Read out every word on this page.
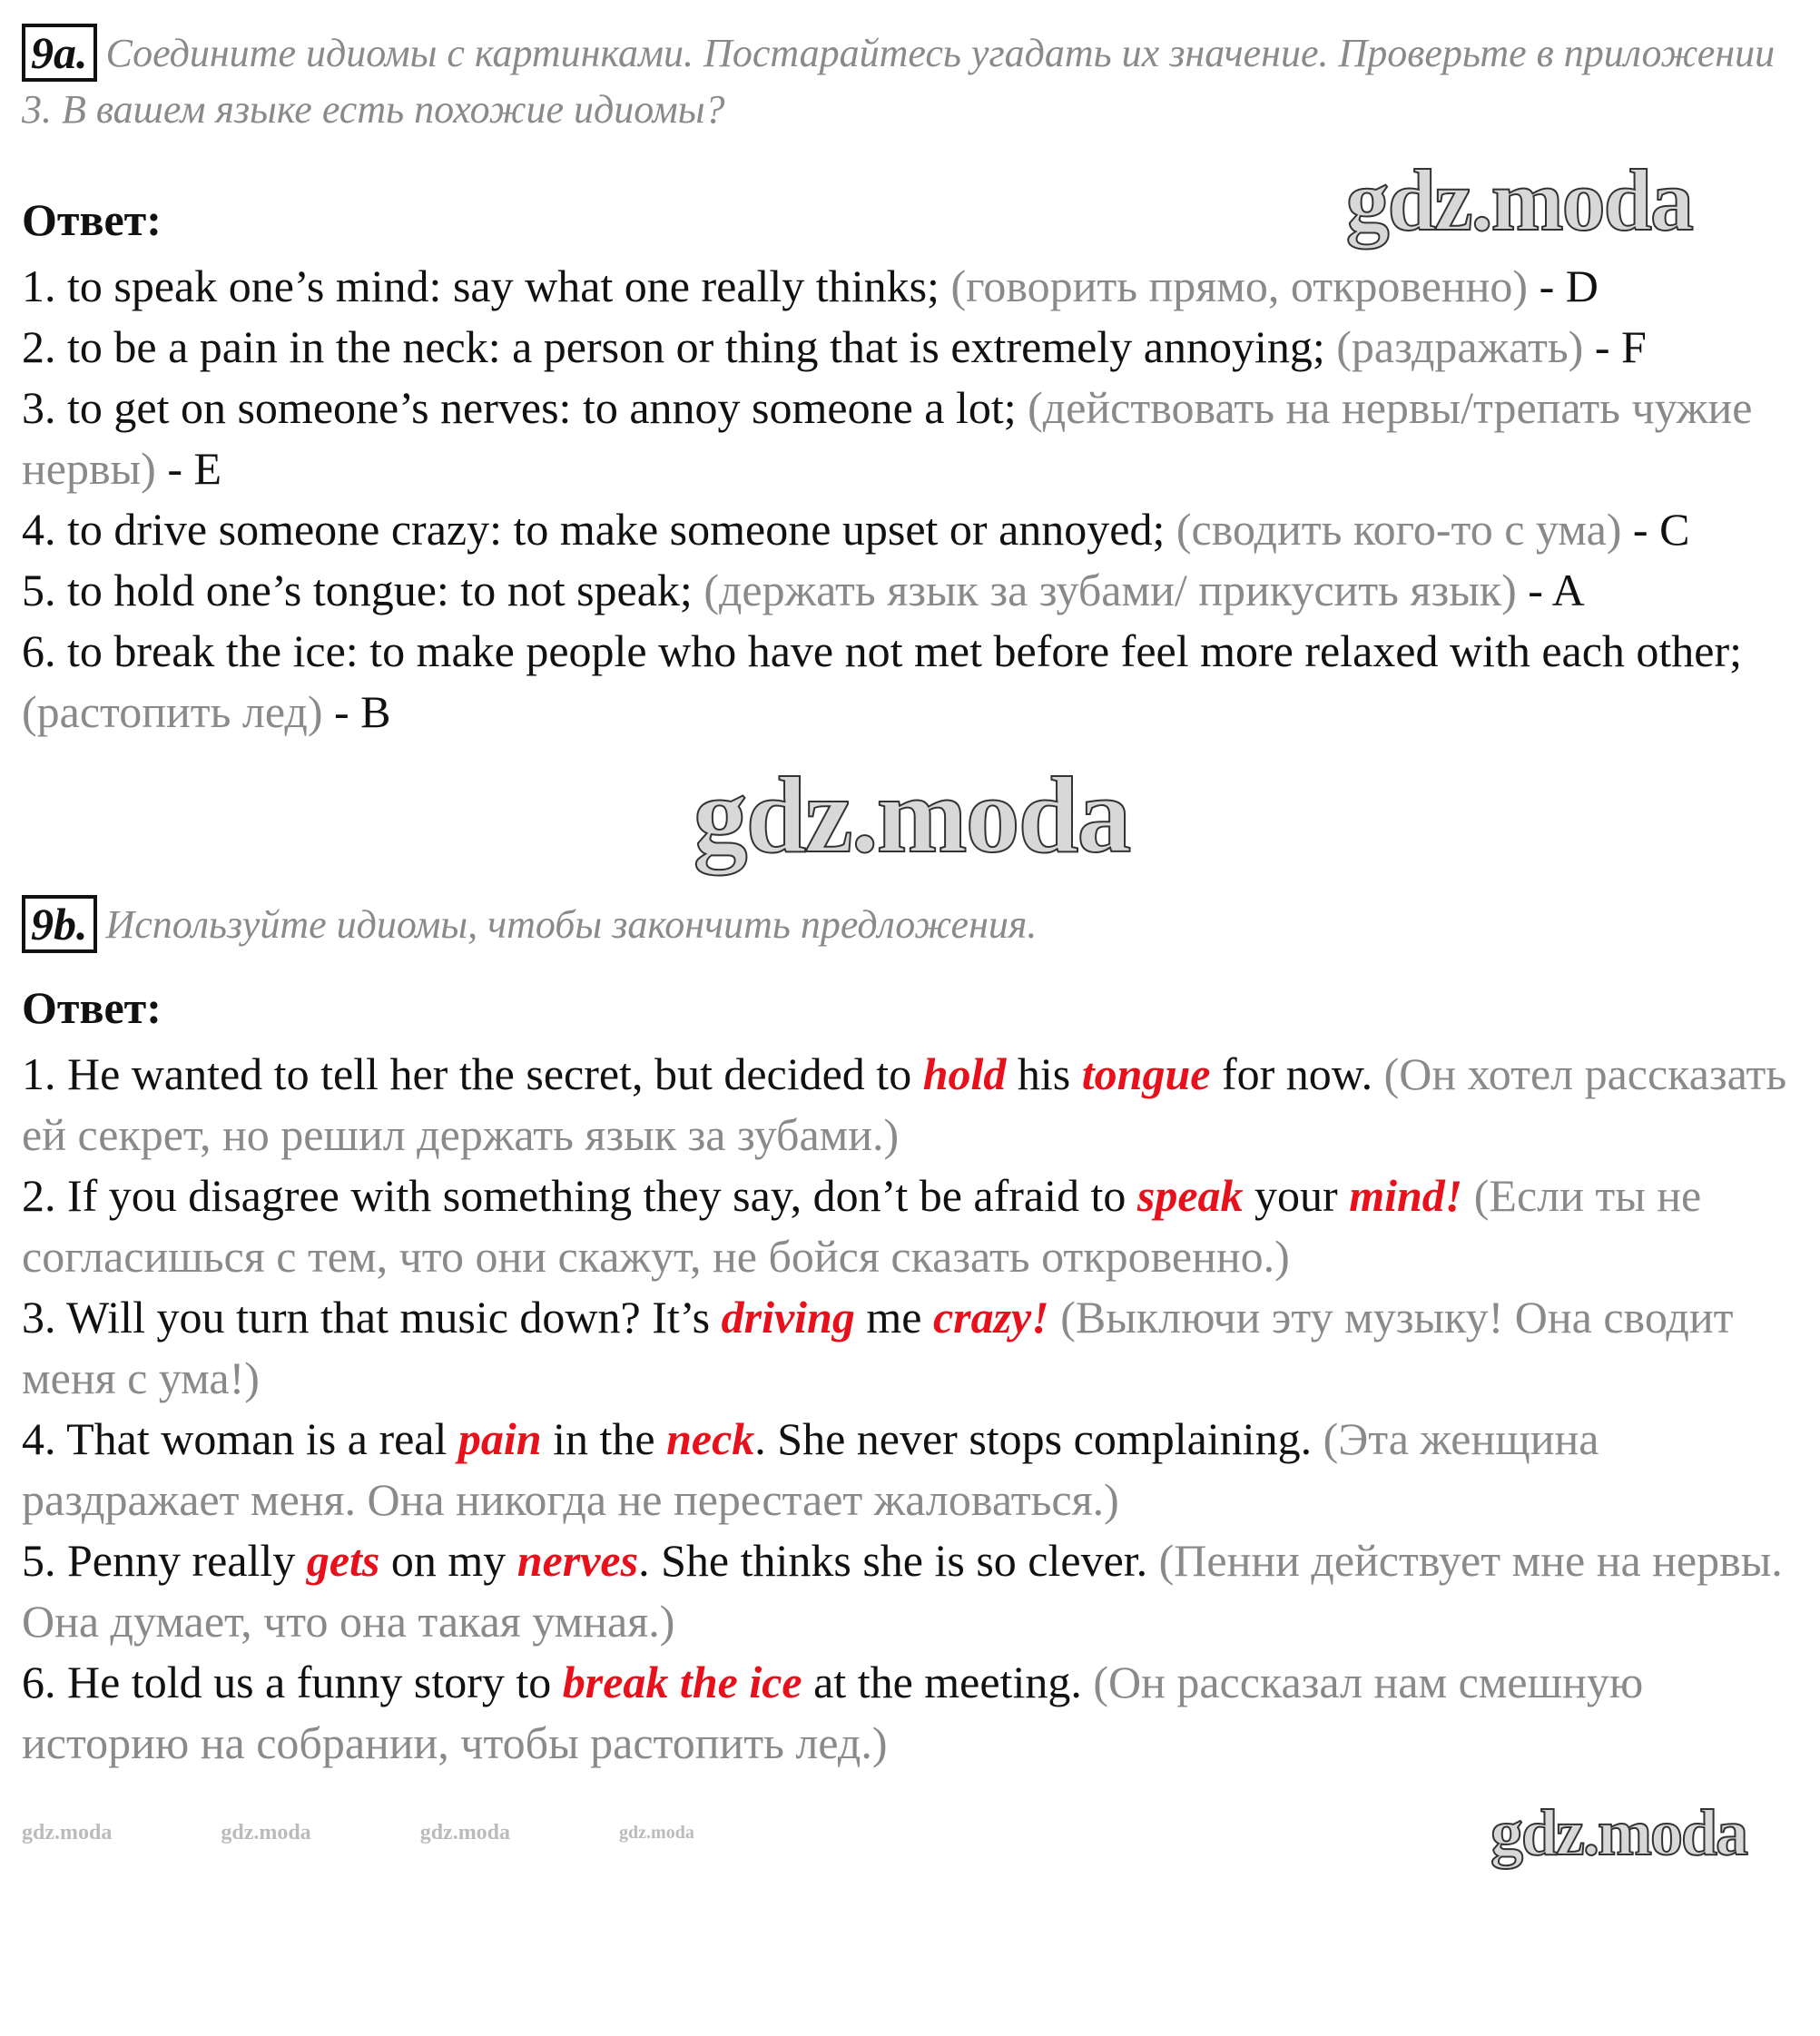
9a. Соедините идиомы с картинками. Постарайтесь угадать их значение. Проверьте в приложении 3. В вашем языке есть похожие идиомы?
Ответ:	gdz.moda

1. to speak one’s mind: say what one really thinks; (говорить прямо, откровенно) - D

2. to be a pain in the neck: a person or thing that is extremely annoying; (раздражать) - F

3. to get on someone’s nerves: to annoy someone a lot; (действовать на нервы/трепать чужие нервы) - E

4. to drive someone crazy: to make someone upset or annoyed; (сводить кого-то с ума) - C

5. to hold one’s tongue: to not speak; (держать язык за зубами/ прикусить язык) - A

6. to break the ice: to make people who have not met before feel more relaxed with each other; (растопить лед) - B

gdz.moda
9b. Используйте идиомы, чтобы закончить предложения.
Ответ:

1. He wanted to tell her the secret, but decided to hold his tongue for now. (Он хотел рассказать ей секрет, но решил держать язык за зубами.)

2. If you disagree with something they say, don’t be afraid to speak your mind! (Если ты не согласишься с тем, что они скажут, не бойся сказать откровенно.)

3. Will you turn that music down? It’s driving me crazy! (Выключи эту музыку! Она сводит меня с ума!)

4. That woman is a real pain in the neck. She never stops complaining. (Эта женщина раздражает меня. Она никогда не перестает жаловаться.)

5. Penny really gets on my nerves. She thinks she is so clever. (Пенни действует мне на нервы. Она думает, что она такая умная.)

6. He told us a funny story to break the ice at the meeting. (Он рассказал нам смешную историю на собрании, чтобы растопить лед.)

gdz.moda	gdz.moda	gdz.moda	gdz.moda	gdz.moda
